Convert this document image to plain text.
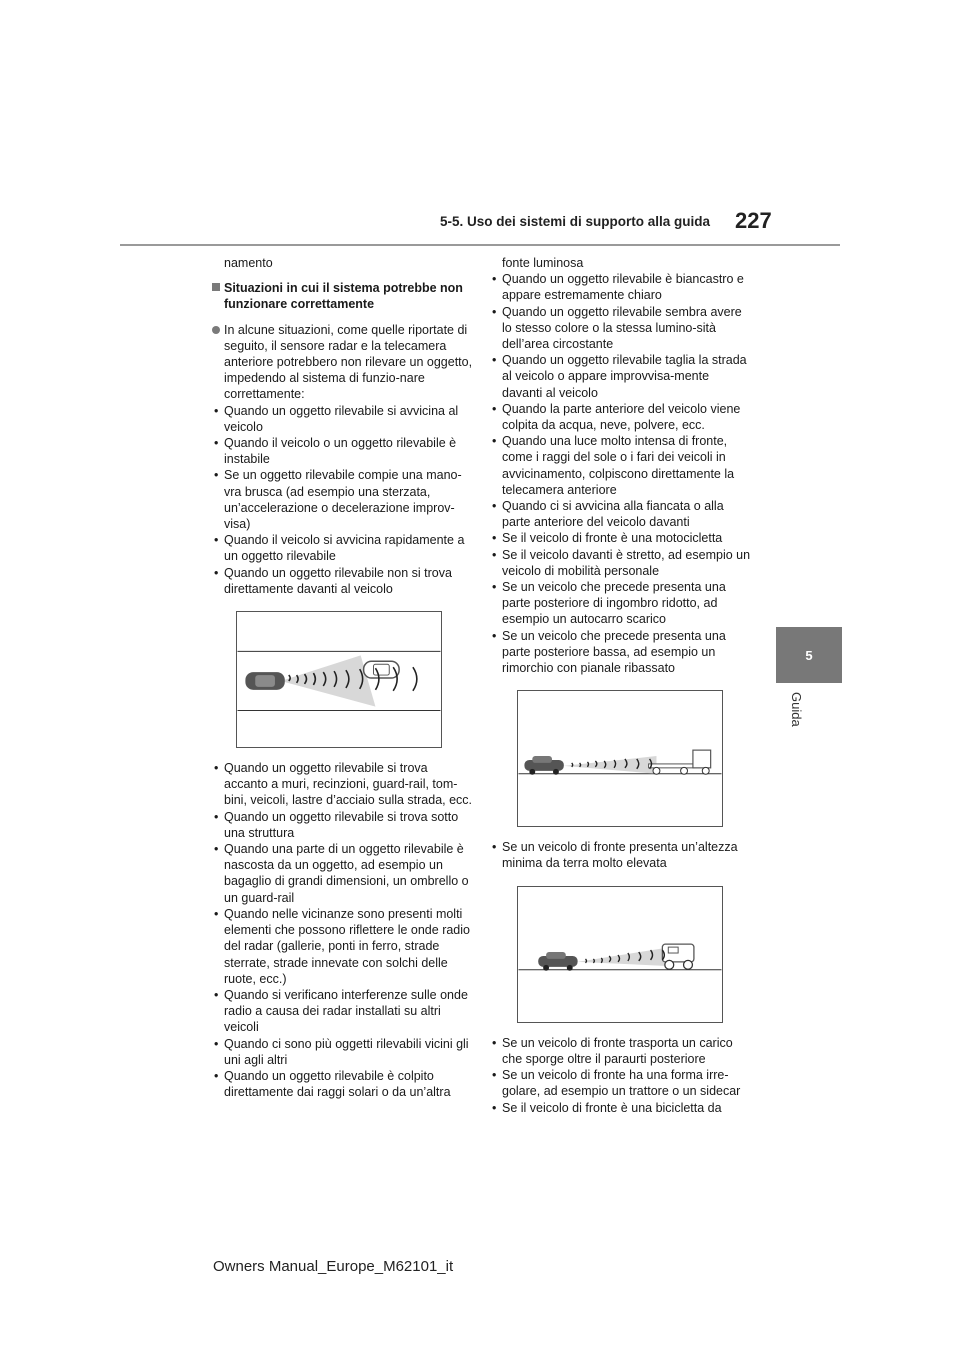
5-5. Uso dei sistemi di supporto alla guida 227
5
Guida

namento

Situazioni in cui il sistema potrebbe non funzionare correttamente
In alcune situazioni, come quelle riportate di seguito, il sensore radar e la telecamera anteriore potrebbero non rilevare un oggetto, impedendo al sistema di funzio-nare correttamente:
• Quando un oggetto rilevabile si avvicina al veicolo
• Quando il veicolo o un oggetto rilevabile è instabile
• Se un oggetto rilevabile compie una mano-vra brusca (ad esempio una sterzata, un’accelerazione o decelerazione improv-visa)
• Quando il veicolo si avvicina rapidamente a un oggetto rilevabile
• Quando un oggetto rilevabile non si trova direttamente davanti al veicolo
• Quando un oggetto rilevabile si trova accanto a muri, recinzioni, guard-rail, tom-bini, veicoli, lastre d’acciaio sulla strada, ecc.
• Quando un oggetto rilevabile si trova sotto una struttura
• Quando una parte di un oggetto rilevabile è nascosta da un oggetto, ad esempio un bagaglio di grandi dimensioni, un ombrello o un guard-rail
• Quando nelle vicinanze sono presenti molti elementi che possono riflettere le onde radio del radar (gallerie, ponti in ferro, strade sterrate, strade innevate con solchi delle ruote, ecc.)
• Quando si verificano interferenze sulle onde radio a causa dei radar installati su altri veicoli
• Quando ci sono più oggetti rilevabili vicini gli uni agli altri
• Quando un oggetto rilevabile è colpito direttamente dai raggi solari o da un’altra

fonte luminosa

• Quando un oggetto rilevabile è biancastro e appare estremamente chiaro
• Quando un oggetto rilevabile sembra avere lo stesso colore o la stessa lumino-sità dell’area circostante
• Quando un oggetto rilevabile taglia la strada al veicolo o appare improvvisa-mente davanti al veicolo
• Quando la parte anteriore del veicolo viene colpita da acqua, neve, polvere, ecc.
• Quando una luce molto intensa di fronte, come i raggi del sole o i fari dei veicoli in avvicinamento, colpiscono direttamente la telecamera anteriore
• Quando ci si avvicina alla fiancata o alla parte anteriore del veicolo davanti
• Se il veicolo di fronte è una motocicletta
• Se il veicolo davanti è stretto, ad esempio un veicolo di mobilità personale
• Se un veicolo che precede presenta una parte posteriore di ingombro ridotto, ad esempio un autocarro scarico
• Se un veicolo che precede presenta una parte posteriore bassa, ad esempio un rimorchio con pianale ribassato
• Se un veicolo di fronte presenta un’altezza minima da terra molto elevata
• Se un veicolo di fronte trasporta un carico che sporge oltre il paraurti posteriore
• Se un veicolo di fronte ha una forma irre-golare, ad esempio un trattore o un sidecar
• Se il veicolo di fronte è una bicicletta da
Owners Manual_Europe_M62101_it
